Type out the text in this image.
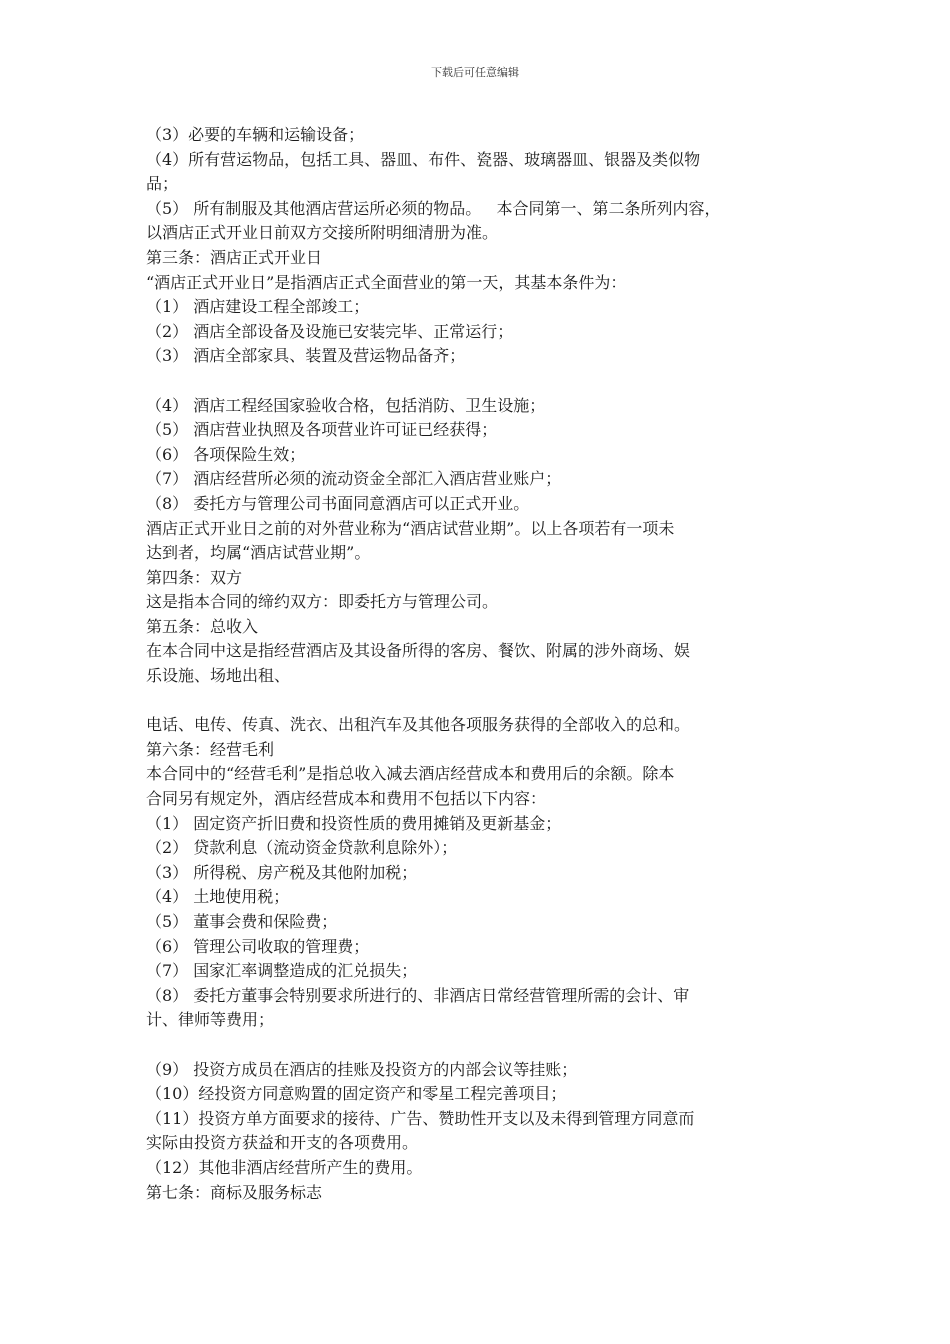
下载后可任意编辑
（3）必要的车辆和运输设备；
（4）所有营运物品，包括工具、器皿、布件、瓷器、玻璃器皿、银器及类似物
品；
（5） 所有制服及其他酒店营运所必须的物品。   本合同第一、第二条所列内容，
以酒店正式开业日前双方交接所附明细清册为准。
第三条：酒店正式开业日
“酒店正式开业日”是指酒店正式全面营业的第一天，其基本条件为：
（1） 酒店建设工程全部竣工；
（2） 酒店全部设备及设施已安装完毕、正常运行；
（3） 酒店全部家具、装置及营运物品备齐；
（4） 酒店工程经国家验收合格，包括消防、卫生设施；
（5） 酒店营业执照及各项营业许可证已经获得；
（6） 各项保险生效；
（7） 酒店经营所必须的流动资金全部汇入酒店营业账户；
（8） 委托方与管理公司书面同意酒店可以正式开业。
酒店正式开业日之前的对外营业称为“酒店试营业期”。以上各项若有一项未
达到者，均属“酒店试营业期”。
第四条：双方
这是指本合同的缔约双方：即委托方与管理公司。
第五条：总收入
在本合同中这是指经营酒店及其设备所得的客房、餐饮、附属的涉外商场、娱
乐设施、场地出租、
电话、电传、传真、洗衣、出租汽车及其他各项服务获得的全部收入的总和。
第六条：经营毛利
本合同中的“经营毛利”是指总收入减去酒店经营成本和费用后的余额。除本
合同另有规定外，酒店经营成本和费用不包括以下内容：
（1） 固定资产折旧费和投资性质的费用摊销及更新基金；
（2） 贷款利息（流动资金贷款利息除外）；
（3） 所得税、房产税及其他附加税；
（4） 土地使用税；
（5） 董事会费和保险费；
（6） 管理公司收取的管理费；
（7） 国家汇率调整造成的汇兑损失；
（8） 委托方董事会特别要求所进行的、非酒店日常经营管理所需的会计、审
计、律师等费用；
（9） 投资方成员在酒店的挂账及投资方的内部会议等挂账；
（10）经投资方同意购置的固定资产和零星工程完善项目；
（11）投资方单方面要求的接待、广告、赞助性开支以及未得到管理方同意而
实际由投资方获益和开支的各项费用。
（12）其他非酒店经营所产生的费用。
第七条：商标及服务标志
